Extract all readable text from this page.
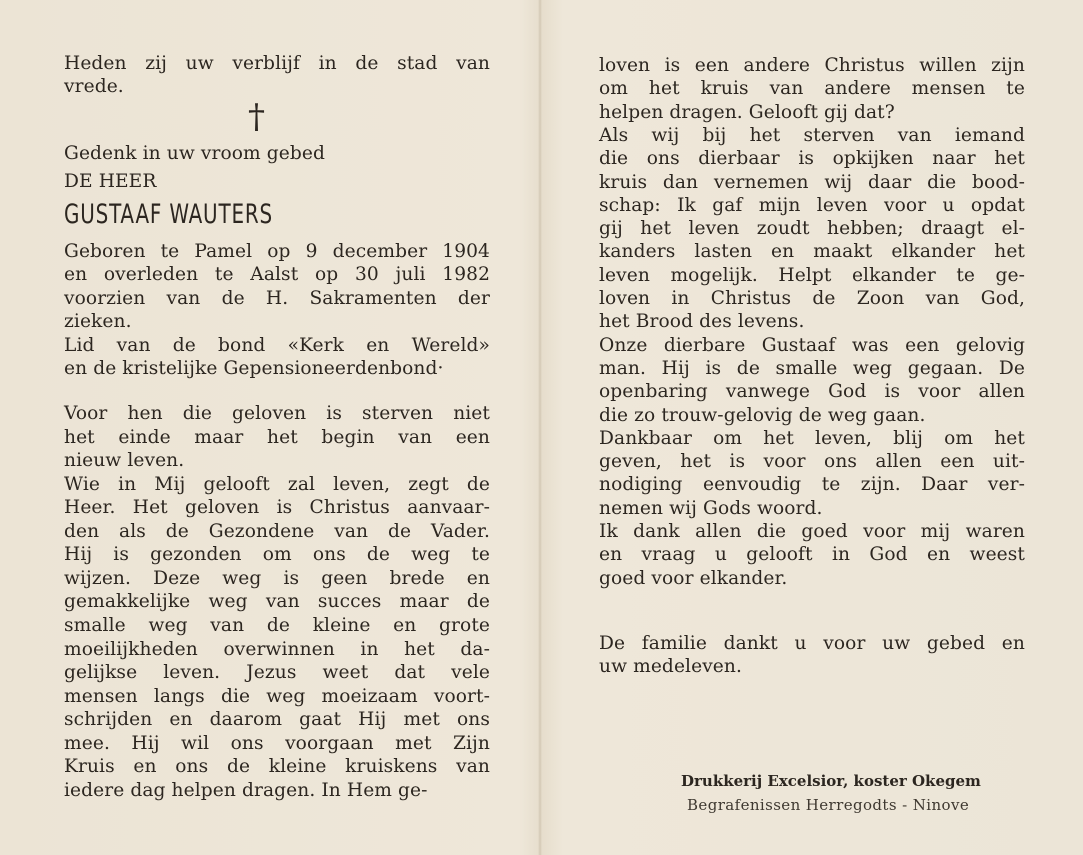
Heden zij uw verblijf in de stad van
vrede.
†
Gedenk in uw vroom gebed
DE HEER
GUSTAAF WAUTERS
Geboren te Pamel op 9 december 1904
en overleden te Aalst op 30 juli 1982
voorzien van de H. Sakramenten der
zieken.
Lid van de bond «Kerk en Wereld»
en de kristelijke Gepensioneerdenbond·
Voor hen die geloven is sterven niet
het einde maar het begin van een
nieuw leven.
Wie in Mij gelooft zal leven, zegt de
Heer. Het geloven is Christus aanvaar-
den als de Gezondene van de Vader.
Hij is gezonden om ons de weg te
wijzen. Deze weg is geen brede en
gemakkelijke weg van succes maar de
smalle weg van de kleine en grote
moeilijkheden overwinnen in het da-
gelijkse leven. Jezus weet dat vele
mensen langs die weg moeizaam voort-
schrijden en daarom gaat Hij met ons
mee. Hij wil ons voorgaan met Zijn
Kruis en ons de kleine kruiskens van
iedere dag helpen dragen. In Hem ge-
loven is een andere Christus willen zijn
om het kruis van andere mensen te
helpen dragen. Gelooft gij dat?
Als wij bij het sterven van iemand
die ons dierbaar is opkijken naar het
kruis dan vernemen wij daar die bood-
schap: Ik gaf mijn leven voor u opdat
gij het leven zoudt hebben; draagt el-
kanders lasten en maakt elkander het
leven mogelijk. Helpt elkander te ge-
loven in Christus de Zoon van God,
het Brood des levens.
Onze dierbare Gustaaf was een gelovig
man. Hij is de smalle weg gegaan. De
openbaring vanwege God is voor allen
die zo trouw-gelovig de weg gaan.
Dankbaar om het leven, blij om het
geven, het is voor ons allen een uit-
nodiging eenvoudig te zijn. Daar ver-
nemen wij Gods woord.
Ik dank allen die goed voor mij waren
en vraag u gelooft in God en weest
goed voor elkander.
De familie dankt u voor uw gebed en
uw medeleven.
Drukkerij Excelsior, koster Okegem
Begrafenissen Herregodts - Ninove
